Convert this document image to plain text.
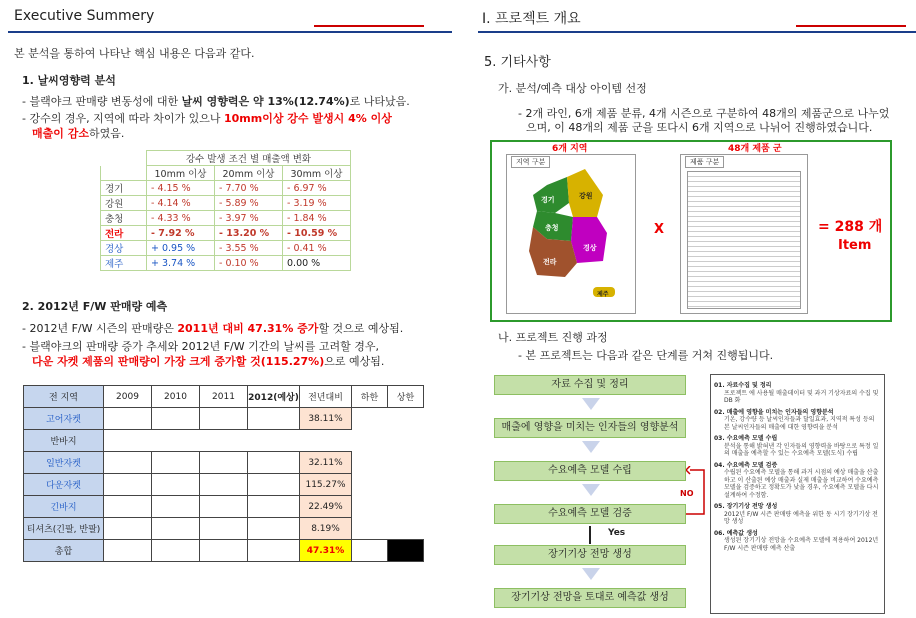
Executive Summery
본 분석을 통하여 나타난 핵심 내용은 다음과 같다.
1. 날씨영향력 분석
- 블랙야크 판매량 변동성에 대한 날씨 영향력은 약 13%(12.74%)로 나타났음.
- 강수의 경우, 지역에 따라 차이가 있으나 10mm이상 강수 발생시 4% 이상
매출이 감소하였음.
	강수 발생 조건 별 매출액 변화		
	10mm 이상	20mm 이상	30mm 이상
경기	- 4.15 %	- 7.70 %	- 6.97 %
강원	- 4.14 %	- 5.89 %	- 3.19 %
충청	- 4.33 %	- 3.97 %	- 1.84 %
전라	- 7.92 %	- 13.20 %	- 10.59 %
경상	+ 0.95 %	- 3.55 %	- 0.41 %
제주	+ 3.74 %	- 0.10 %	0.00 %
2. 2012년 F/W 판매량 예측
- 2012년 F/W 시즌의 판매량은 2011년 대비 47.31% 증가할 것으로 예상됨.
- 블랙야크의 판매량 증가 추세와 2012년 F/W 기간의 날씨를 고려할 경우,
다운 자켓 제품의 판매량이 가장 크게 증가할 것(115.27%)으로 예상됨.
전 지역	2009	2010	2011	2012(예상)	전년대비	하한	상한
고어자켓					38.11%		
반바지							
일반자켓					32.11%		
다운자켓					115.27%		
긴바지					22.49%		
티셔츠(긴팔, 반팔)					8.19%		
총합					47.31%		
Ⅰ. 프로젝트 개요
5. 기타사항
가. 분석/예측 대상 아이템 선정
- 2개 라인, 6개 제품 분류, 4개 시즌으로 구분하여 48개의 제품군으로 나누었
으며, 이 48개의 제품 군을 또다시 6개 지역으로 나뉘어 진행하였습니다.
6개 지역
지역 구분
경기	강원
충청
전라
경상
제주
X
48개 제품 군
제품 구분
= 288 개
Item
나. 프로젝트 진행 과정
- 본 프로젝트는 다음과 같은 단계를 거쳐 진행됩니다.
자료 수집 및 정리
매출에 영향을 미치는 인자들의 영향분석
수요예측 모델 수립
수요예측 모델 검증
Yes
장기기상 전망 생성
장기기상 전망을 토대로 예측값 생성
NO
01. 자료수집 및 정리
프로젝트 에 사용될 매출데이터 및 과거 기상자료의 수집 및 DB 화
02. 매출에 영향을 미치는 인자들의 영향분석
기온, 강수량 등 날씨인자들과 달일효과, 지역적 특성 등의 본 날씨인자들의 매출에 대한 영향력을 분석
03. 수요예측 모델 수립
분석을 통해 밝혀낸 각 인자들의 영향력을 바탕으로 특정 일의 매출을 예측할 수 있는 수요예측 모델(도식) 수립
04. 수요예측 모델 검증
수립된 수요예측 모델을 통해 과거 시점의 예상 매출을 산출하고 이 산출된 예상 매출과 실제 매출을 비교하여 수요예측 모델을 검증하고 정확도가 낮을 경우, 수요예측 모델을 다시 설계하여 수정함.
05. 장기기상 전망 생성
2012년 F/W 시즌 판매량 예측을 위한 동 시기 장기기상 전망 생성
06. 예측값 생성
생성된 장기기상 전망을 수요예측 모델에 적용하여 2012년 F/W 시즌 판매량 예측 산출
